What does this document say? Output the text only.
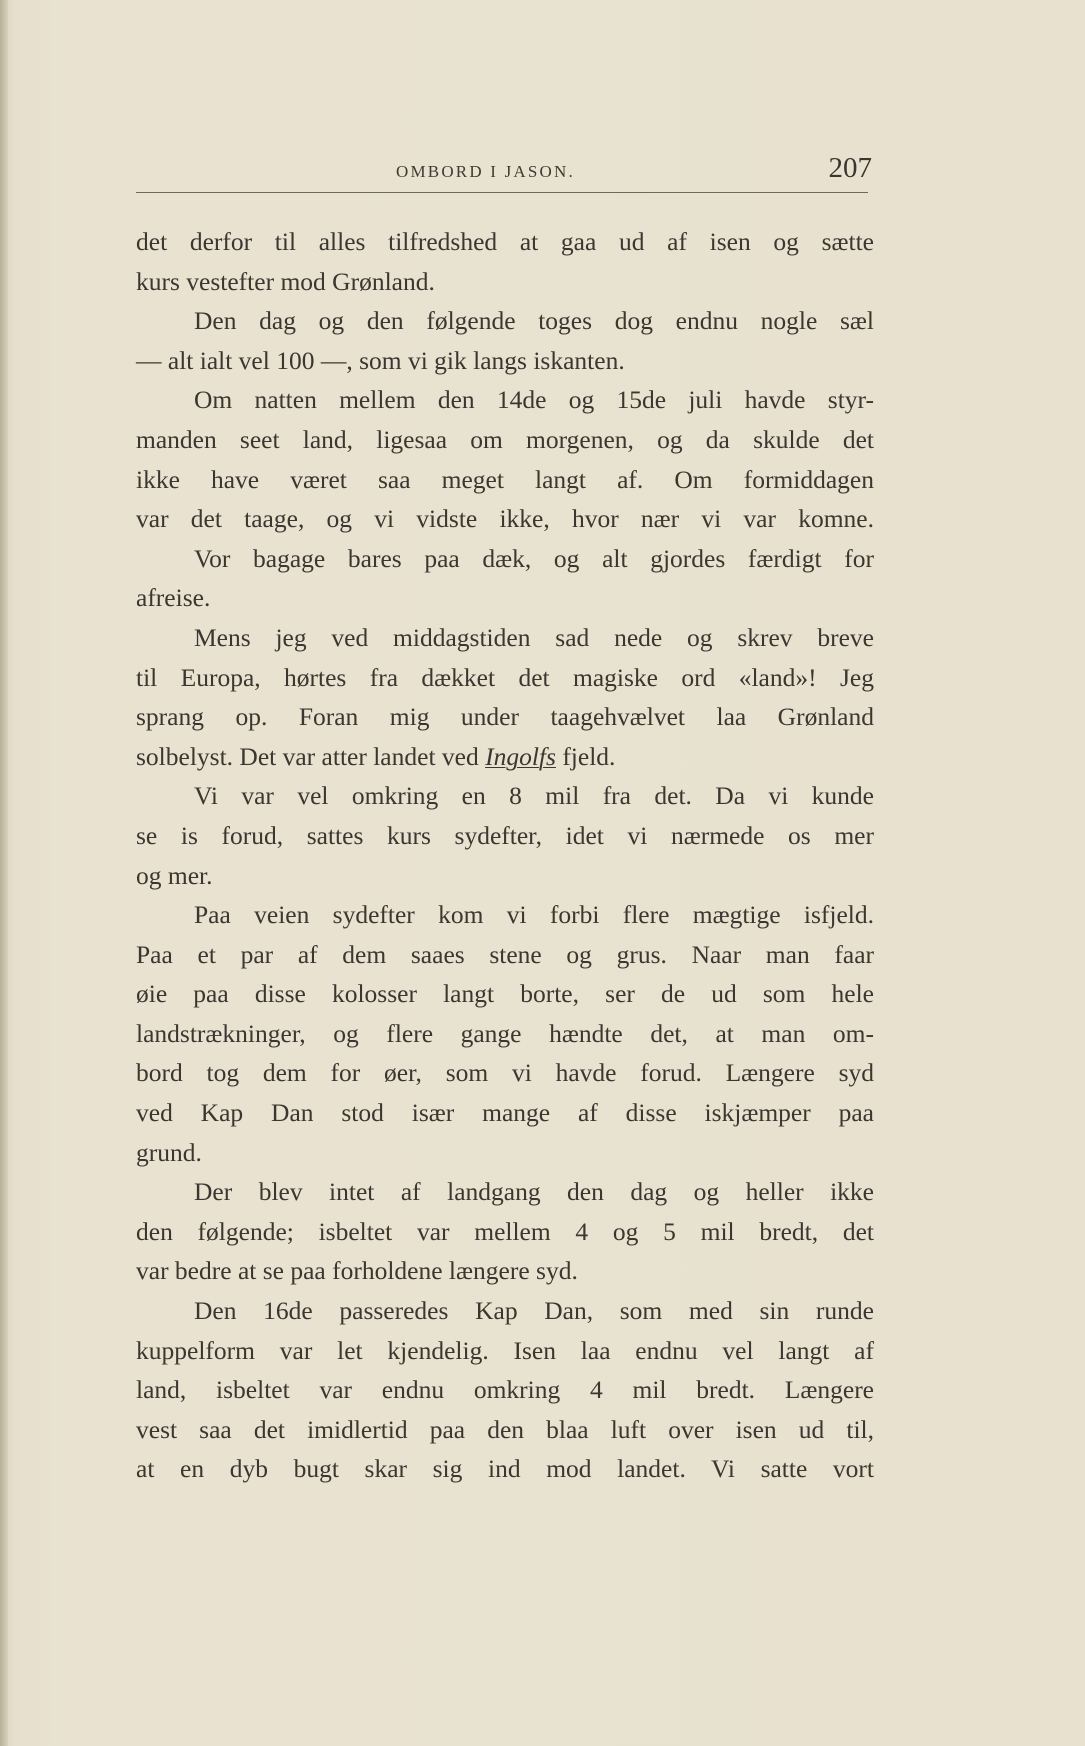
OMBORD I JASON.	207
det derfor til alles tilfredshed at gaa ud af isen og sætte
kurs vestefter mod Grønland.
Den dag og den følgende toges dog endnu nogle sæl
— alt ialt vel 100 —, som vi gik langs iskanten.
Om natten mellem den 14de og 15de juli havde styr-
manden seet land, ligesaa om morgenen, og da skulde det
ikke have været saa meget langt af. Om formiddagen
var det taage, og vi vidste ikke, hvor nær vi var komne.
Vor bagage bares paa dæk, og alt gjordes færdigt for
afreise.
Mens jeg ved middagstiden sad nede og skrev breve
til Europa, hørtes fra dækket det magiske ord «land»! Jeg
sprang op. Foran mig under taagehvælvet laa Grønland
solbelyst. Det var atter landet ved Ingolfs fjeld.
Vi var vel omkring en 8 mil fra det. Da vi kunde
se is forud, sattes kurs sydefter, idet vi nærmede os mer
og mer.
Paa veien sydefter kom vi forbi flere mægtige isfjeld.
Paa et par af dem saaes stene og grus. Naar man faar
øie paa disse kolosser langt borte, ser de ud som hele
landstrækninger, og flere gange hændte det, at man om-
bord tog dem for øer, som vi havde forud. Længere syd
ved Kap Dan stod især mange af disse iskjæmper paa
grund.
Der blev intet af landgang den dag og heller ikke
den følgende; isbeltet var mellem 4 og 5 mil bredt, det
var bedre at se paa forholdene længere syd.
Den 16de passeredes Kap Dan, som med sin runde
kuppelform var let kjendelig. Isen laa endnu vel langt af
land, isbeltet var endnu omkring 4 mil bredt. Længere
vest saa det imidlertid paa den blaa luft over isen ud til,
at en dyb bugt skar sig ind mod landet. Vi satte vort
